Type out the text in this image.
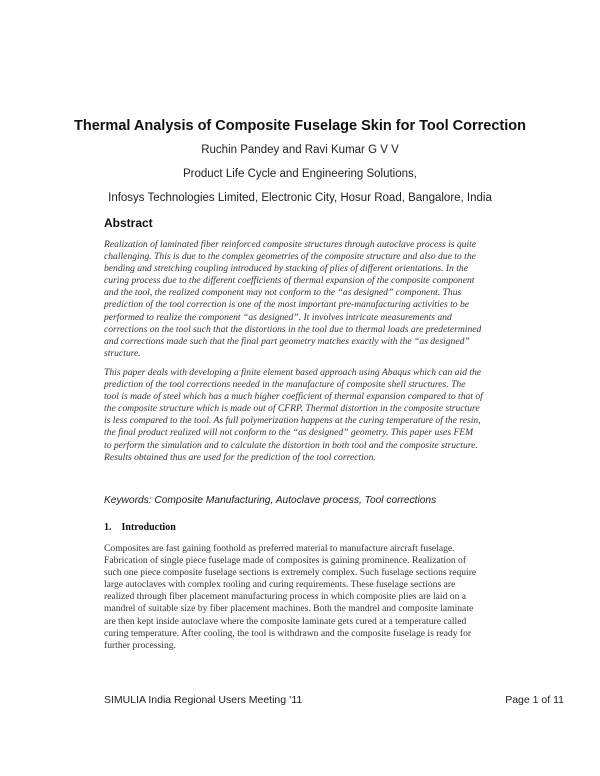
Thermal Analysis of Composite Fuselage Skin for Tool Correction
Ruchin Pandey and Ravi Kumar G V V
Product Life Cycle and Engineering Solutions,
Infosys Technologies Limited, Electronic City, Hosur Road, Bangalore, India
Abstract
Realization of laminated fiber reinforced composite structures through autoclave process is quite
challenging. This is due to the complex geometries of the composite structure and also due to the
bending and stretching coupling introduced by stacking of plies of different orientations. In the
curing process due to the different coefficients of thermal expansion of the composite component
and the tool, the realized component may not conform to the “as designed” component. Thus
prediction of the tool correction is one of the most important pre-manufacturing activities to be
performed to realize the component “as designed”. It involves intricate measurements and
corrections on the tool such that the distortions in the tool due to thermal loads are predetermined
and corrections made such that the final part geometry matches exactly with the “as designed”
structure.
This paper deals with developing a finite element based approach using Abaqus which can aid the
prediction of the tool corrections needed in the manufacture of composite shell structures. The
tool is made of steel which has a much higher coefficient of thermal expansion compared to that of
the composite structure which is made out of CFRP. Thermal distortion in the composite structure
is less compared to the tool. As full polymerization happens at the curing temperature of the resin,
the final product realized will not conform to the “as designed” geometry. This paper uses FEM
to perform the simulation and to calculate the distortion in both tool and the composite structure.
Results obtained thus are used for the prediction of the tool correction.
Keywords: Composite Manufacturing, Autoclave process, Tool corrections
1.    Introduction
Composites are fast gaining foothold as preferred material to manufacture aircraft fuselage.
Fabrication of single piece fuselage made of composites is gaining prominence. Realization of
such one piece composite fuselage sections is extremely complex. Such fuselage sections require
large autoclaves with complex tooling and curing requirements. These fuselage sections are
realized through fiber placement manufacturing process in which composite plies are laid on a
mandrel of suitable size by fiber placement machines. Both the mandrel and composite laminate
are then kept inside autoclave where the composite laminate gets cured at a temperature called
curing temperature. After cooling, the tool is withdrawn and the composite fuselage is ready for
further processing.
SIMULIA India Regional Users Meeting ’11	Page 1 of 11
